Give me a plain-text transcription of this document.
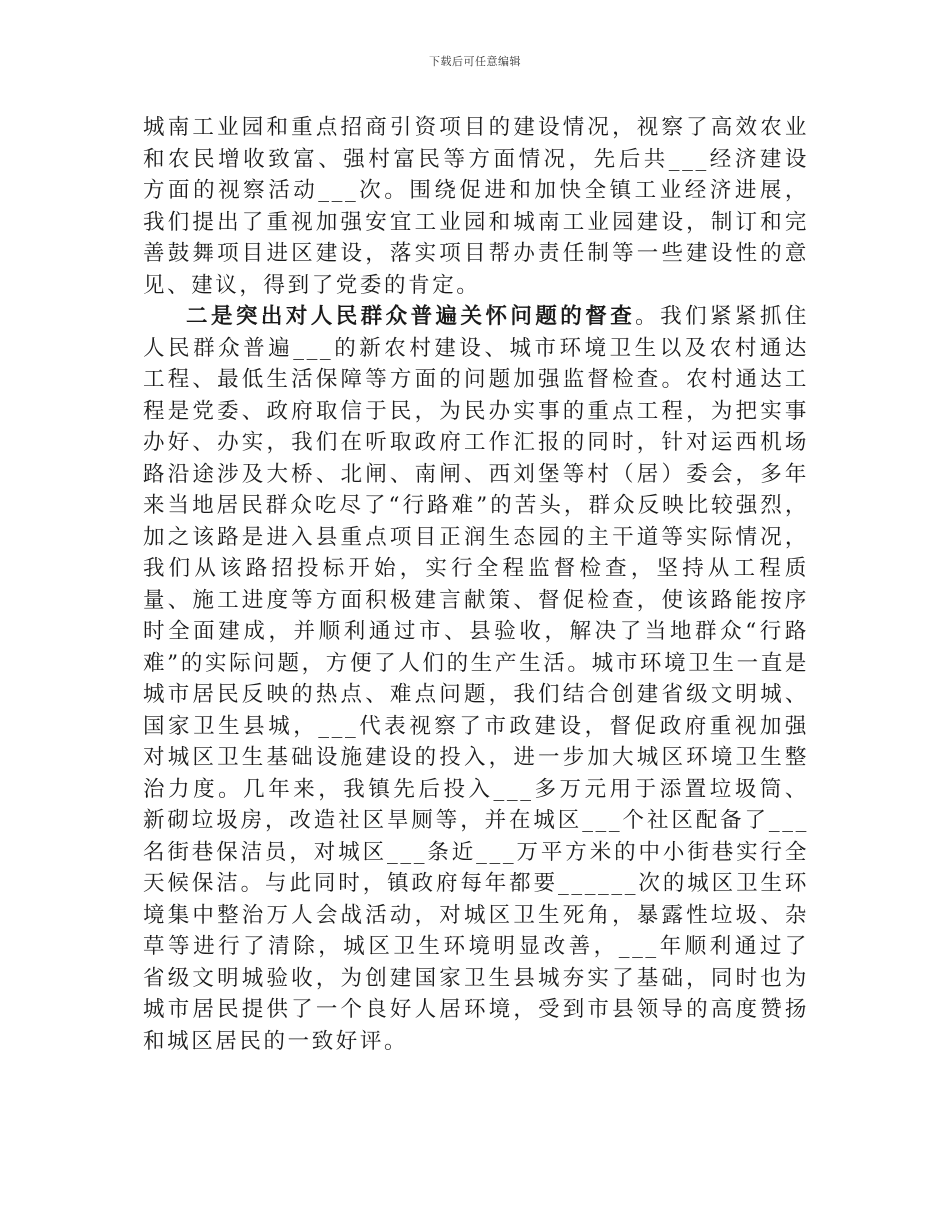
下载后可任意编辑

城南工业园和重点招商引资项目的建设情况，视察了高效农业和农民增收致富、强村富民等方面情况，先后共___经济建设方面的视察活动___次。围绕促进和加快全镇工业经济进展，我们提出了重视加强安宜工业园和城南工业园建设，制订和完善鼓舞项目进区建设，落实项目帮办责任制等一些建设性的意见、建议，得到了党委的肯定。

二是突出对人民群众普遍关怀问题的督查。我们紧紧抓住人民群众普遍___的新农村建设、城市环境卫生以及农村通达工程、最低生活保障等方面的问题加强监督检查。农村通达工程是党委、政府取信于民，为民办实事的重点工程，为把实事办好、办实，我们在听取政府工作汇报的同时，针对运西机场路沿途涉及大桥、北闸、南闸、西刘堡等村（居）委会，多年来当地居民群众吃尽了“行路难”的苦头，群众反映比较强烈，加之该路是进入县重点项目正润生态园的主干道等实际情况，我们从该路招投标开始，实行全程监督检查，坚持从工程质量、施工进度等方面积极建言献策、督促检查，使该路能按序时全面建成，并顺利通过市、县验收，解决了当地群众“行路难”的实际问题，方便了人们的生产生活。城市环境卫生一直是城市居民反映的热点、难点问题，我们结合创建省级文明城、国家卫生县城，___代表视察了市政建设，督促政府重视加强对城区卫生基础设施建设的投入，进一步加大城区环境卫生整治力度。几年来，我镇先后投入___多万元用于添置垃圾筒、新砌垃圾房，改造社区旱厕等，并在城区___个社区配备了___名街巷保洁员，对城区___条近___万平方米的中小街巷实行全天候保洁。与此同时，镇政府每年都要______次的城区卫生环境集中整治万人会战活动，对城区卫生死角，暴露性垃圾、杂草等进行了清除，城区卫生环境明显改善，___年顺利通过了省级文明城验收，为创建国家卫生县城夯实了基础，同时也为城市居民提供了一个良好人居环境，受到市县领导的高度赞扬和城区居民的一致好评。
